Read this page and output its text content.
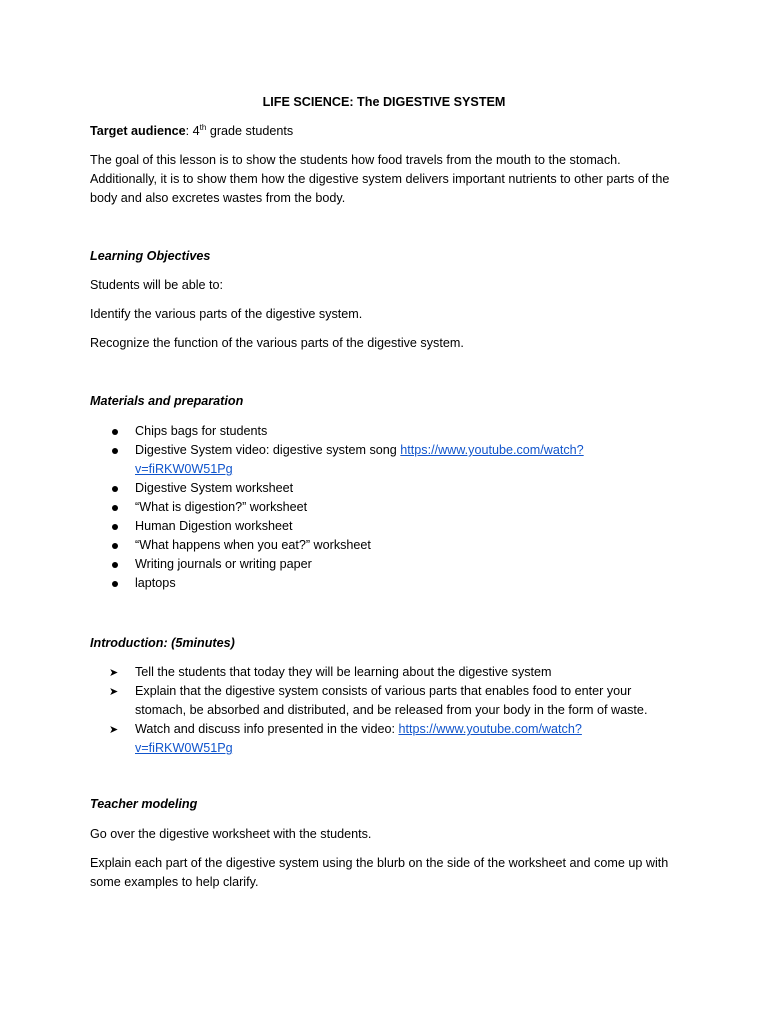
LIFE SCIENCE: The DIGESTIVE SYSTEM

Target audience: 4th grade students

The goal of this lesson is to show the students how food travels from the mouth to the stomach. Additionally, it is to show them how the digestive system delivers important nutrients to other parts of the body and also excretes wastes from the body.

Learning Objectives

Students will be able to:

Identify the various parts of the digestive system.

Recognize the function of the various parts of the digestive system.

Materials and preparation

Chips bags for students
Digestive System video: digestive system song https://www.youtube.com/watch?
v=fiRKW0W51Pg
Digestive System worksheet
“What is digestion?” worksheet
Human Digestion worksheet
“What happens when you eat?” worksheet
Writing journals or writing paper
laptops

Introduction: (5minutes)

➤ Tell the students that today they will be learning about the digestive system
➤ Explain that the digestive system consists of various parts that enables food to enter your stomach, be absorbed and distributed, and be released from your body in the form of waste.
➤ Watch and discuss info presented in the video: https://www.youtube.com/watch?
v=fiRKW0W51Pg

Teacher modeling

Go over the digestive worksheet with the students.

Explain each part of the digestive system using the blurb on the side of the worksheet and come up with some examples to help clarify.
